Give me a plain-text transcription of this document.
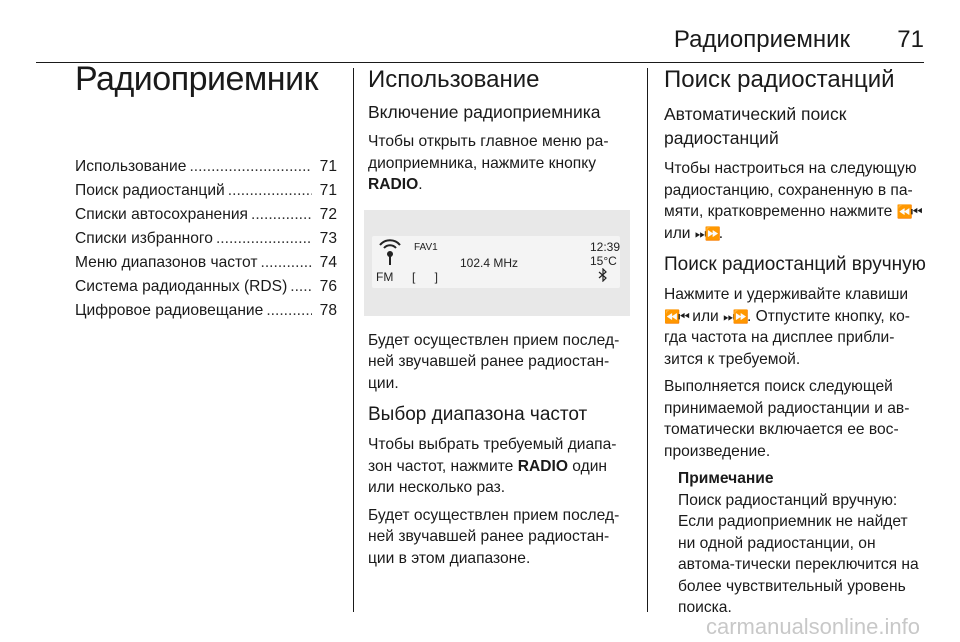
Радиоприемник 71
Радиоприемник
Использование .....	71
Поиск радиостанций .....	71
Списки автосохранения .....	72
Списки избранного .....	73
Меню диапазонов частот .....	74
Система радиоданных (RDS) ..... 76
Цифровое радиовещание .....	78
Использование
Включение радиоприемника

Чтобы открыть главное меню ра-диоприемника, нажмите кнопку RADIO.

FAV1
102.4 MHz
12:39
15°C
FM [ ]

Будет осуществлен прием послед-ней звучавшей ранее радиостан-ции.

Выбор диапазона частот

Чтобы выбрать требуемый диапа-зон частот, нажмите RADIO один или несколько раз.

Будет осуществлен прием послед-ней звучавшей ранее радиостан-ции в этом диапазоне.

Поиск радиостанций
Автоматический поиск радиостанций

Чтобы настроиться на следующую радиостанцию, сохраненную в па-мяти, кратковременно нажмите ⏪⏮ или ⏭⏩.

Поиск радиостанций вручную

Нажмите и удерживайте клавиши ⏪⏮ или ⏭⏩. Отпустите кнопку, ко-гда частота на дисплее прибли-зится к требуемой.

Выполняется поиск следующей принимаемой радиостанции и ав-томатически включается ее вос-произведение.

Примечание

Поиск радиостанций вручную: Если радиоприемник не найдет ни одной радиостанции, он автома-тически переключится на более чувствительный уровень поиска.

carmanualsonline.info
